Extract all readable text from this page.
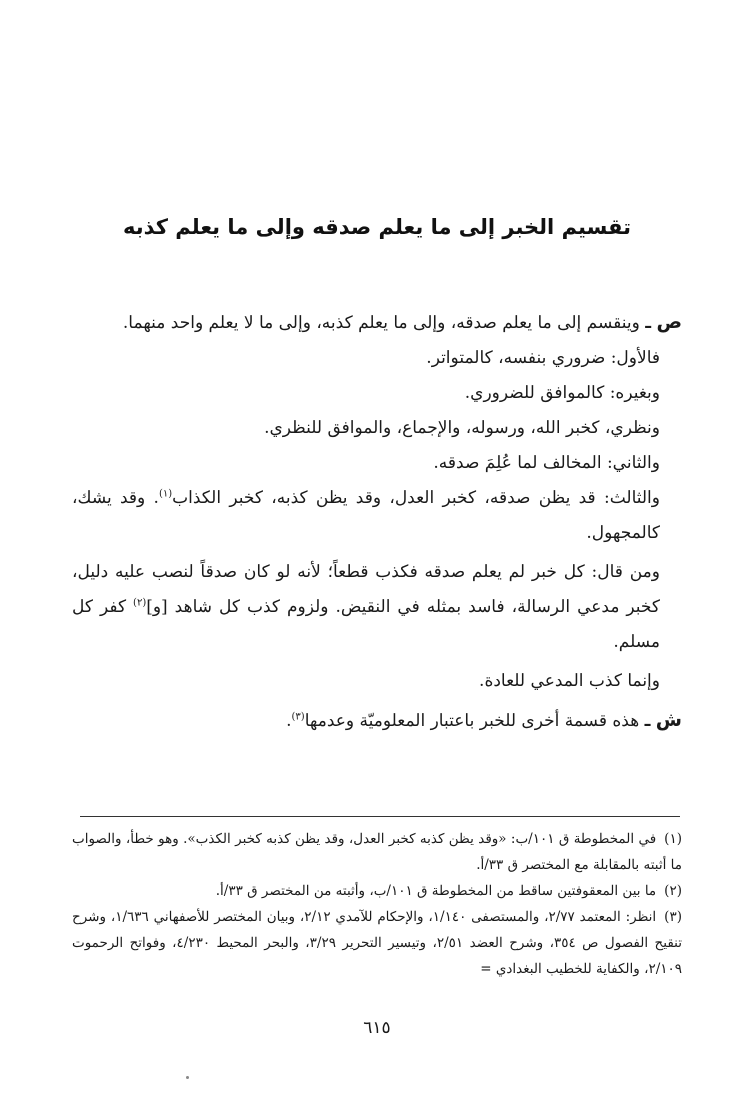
تقسيم الخبر إلى ما يعلم صدقه وإلى ما يعلم كذبه

ص ـ وينقسم إلى ما يعلم صدقه، وإلى ما يعلم كذبه، وإلى ما لا يعلم واحد منهما.

فالأول: ضروري بنفسه، كالمتواتر.

وبغيره: كالموافق للضروري.

ونظري، كخبر الله، ورسوله، والإجماع، والموافق للنظري.

والثاني: المخالف لما عُلِمَ صدقه.

والثالث: قد يظن صدقه، كخبر العدل، وقد يظن كذبه، كخبر الكذاب$^{(١)}$. وقد يشك، كالمجهول.

ومن قال: كل خبر لم يعلم صدقه فكذب قطعاً؛ لأنه لو كان صدقاً لنصب عليه دليل، كخبر مدعي الرسالة، فاسد بمثله في النقيض. ولزوم كذب كل شاهد [و]$^{(٢)}$ كفر كل مسلم.

وإنما كذب المدعي للعادة.

ش ـ هذه قسمة أخرى للخبر باعتبار المعلوميّة وعدمها$^{(٣)}$.

(١)في المخطوطة ق ١٠١/ب: «وقد يظن كذبه كخبر العدل، وقد يظن كذبه كخبر الكذب». وهو خطأ، والصواب ما أثبته بالمقابلة مع المختصر ق ٣٣/أ.

(٢)ما بين المعقوفتين ساقط من المخطوطة ق ١٠١/ب، وأثبته من المختصر ق ٣٣/أ.

(٣)انظر: المعتمد ٢/٧٧، والمستصفى ١/١٤٠، والإحكام للآمدي ٢/١٢، وبيان المختصر للأصفهاني ١/٦٣٦، وشرح تنقيح الفصول ص ٣٥٤، وشرح العضد ٢/٥١، وتيسير التحرير ٣/٢٩، والبحر المحيط ٤/٢٣٠، وفواتح الرحموت ٢/١٠٩، والكفاية للخطيب البغدادي =

٦١٥
